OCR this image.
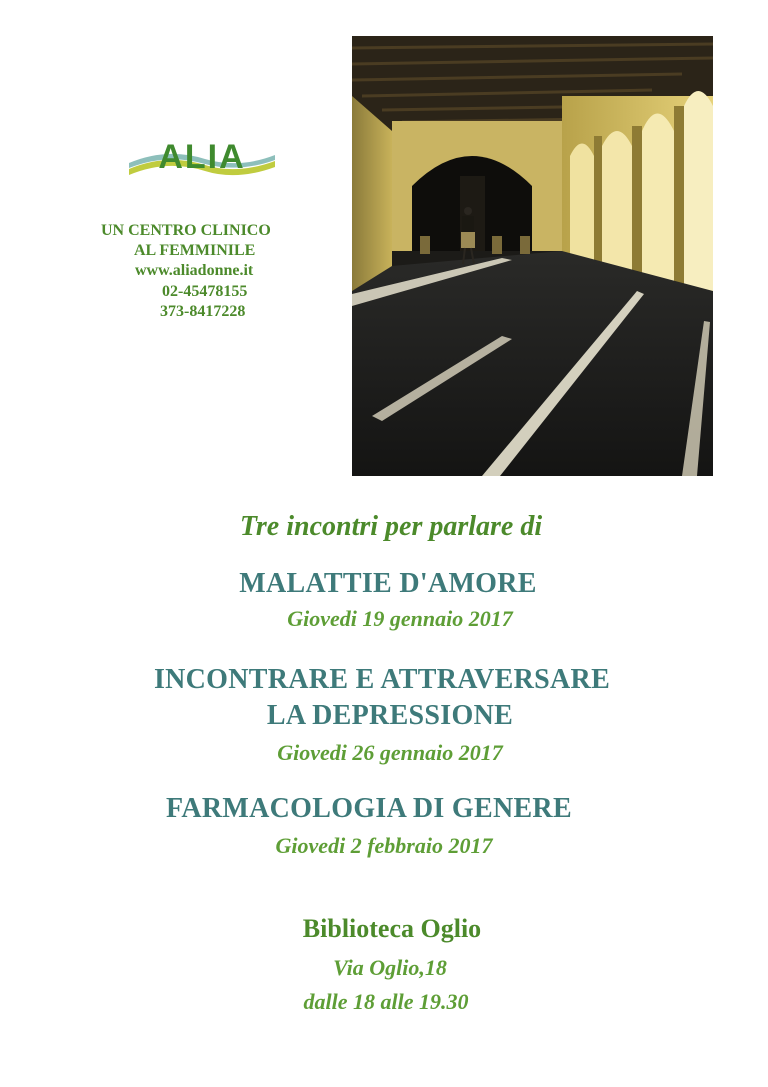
ALIA
UN CENTRO CLINICO
AL FEMMINILE
www.aliadonne.it
02-45478155
373-8417228
Tre incontri per parlare di
MALATTIE D'AMORE
Giovedi 19 gennaio 2017
INCONTRARE E ATTRAVERSARE
LA DEPRESSIONE
Giovedi 26 gennaio 2017
FARMACOLOGIA DI GENERE
Giovedi 2 febbraio 2017
Biblioteca Oglio
Via Oglio,18
dalle 18 alle 19.30
